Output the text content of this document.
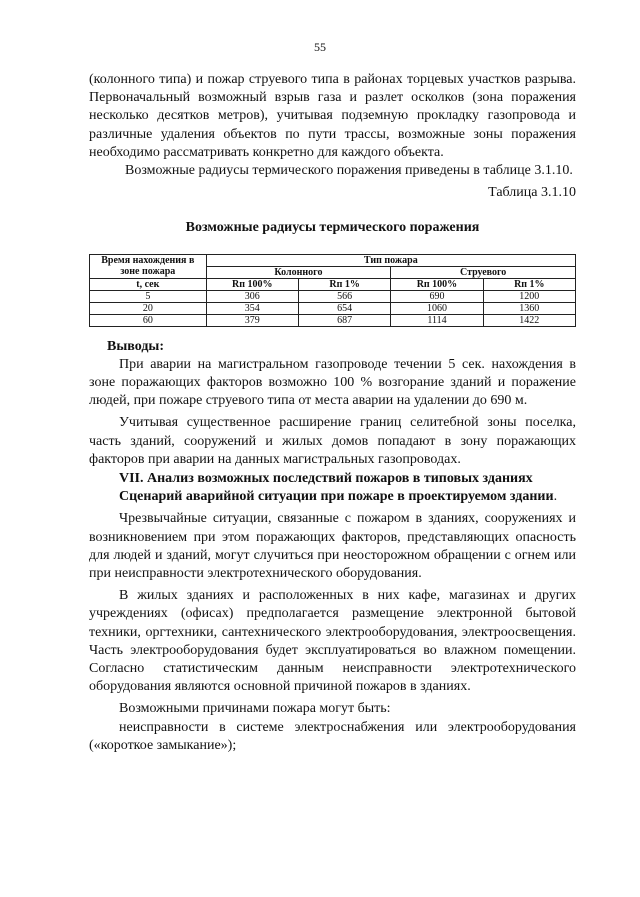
55

(колонного типа) и пожар струевого типа в районах торцевых участков разрыва. Первоначальный возможный взрыв газа и разлет осколков (зона поражения несколько десятков метров), учитывая подземную прокладку газопровода и различные удаления объектов по пути трассы, возможные зоны поражения необходимо рассматривать конкретно для каждого объекта.

Возможные радиусы термического поражения приведены в таблице 3.1.10.

Таблица 3.1.10

Возможные радиусы термического поражения

Время нахождения в зоне пожара	Тип пожара			
	Колонного		Струевого	
t, сек	Rп 100%	Rп 1%	Rп 100%	Rп 1%
5	306	566	690	1200
20	354	654	1060	1360
60	379	687	1114	1422

Выводы:

При аварии на магистральном газопроводе течении 5 сек. нахождения в зоне поражающих факторов возможно 100 % возгорание зданий и поражение людей, при пожаре струевого типа от места аварии на удалении до 690 м.

Учитывая существенное расширение границ селитебной зоны поселка, часть зданий, сооружений и жилых домов попадают в зону поражающих факторов при аварии на данных магистральных газопроводах.

VII. Анализ возможных последствий пожаров в типовых зданиях

Сценарий аварийной ситуации при пожаре в проектируемом здании.

Чрезвычайные ситуации, связанные с пожаром в зданиях, сооружениях и возникновением при этом поражающих факторов, представляющих опасность для людей и зданий, могут случиться при неосторожном обращении с огнем или при неисправности электротехнического оборудования.

В жилых зданиях и расположенных в них кафе, магазинах и других учреждениях (офисах) предполагается размещение электронной бытовой техники, оргтехники, сантехнического электрооборудования, электроосвещения. Часть электрооборудования будет эксплуатироваться во влажном помещении. Согласно статистическим данным неисправности электротехнического оборудования являются основной причиной пожаров в зданиях.

Возможными причинами пожара могут быть:

неисправности в системе электроснабжения или электрооборудования («короткое замыкание»);
